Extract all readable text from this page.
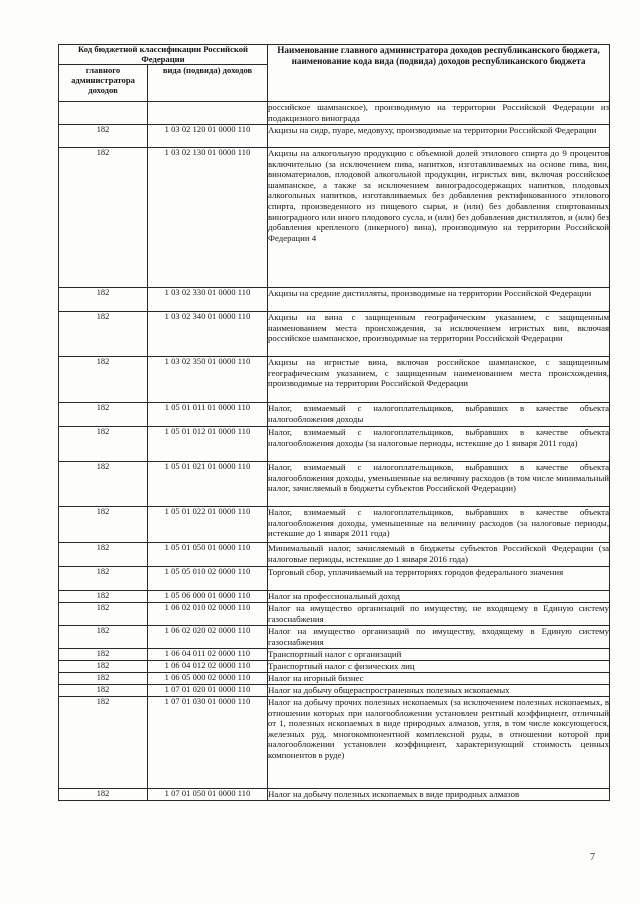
Код бюджетной классификации Российской Федерации		Наименование главного администратора доходов республиканского бюджета, наименование кода вида (подвида) доходов республиканского бюджета
главного администратора доходов	вида (подвида) доходов	
		российское шампанское), производимую на территории Российской Федерации из подакцизного винограда
182	1 03 02 120 01 0000 110	Акцизы на сидр, пуаре, медовуху, производимые на территории Российской Федерации
182	1 03 02 130 01 0000 110	Акцизы на алкогольную продукцию с объемной долей этилового спирта до 9 процентов включительно (за исключением пива, напитков, изготавливаемых на основе пива, вин, виноматериалов, плодовой алкогольной продукции, игристых вин, включая российское шампанское, а также за исключением виноградосодержащих напитков, плодовых алкогольных напитков, изготавливаемых без добавления ректификованного этилового спирта, произведенного из пищевого сырья, и (или) без добавления спиртованных виноградного или иного плодового сусла, и (или) без добавления дистиллятов, и (или) без добавления крепленого (ликерного) вина), производимую на территории Российской Федерации 4
182	1 03 02 330 01 0000 110	Акцизы на средние дистилляты, производимые на территории Российской Федерации
182	1 03 02 340 01 0000 110	Акцизы на вина с защищенным географическим указанием, с защищенным наименованием места происхождения, за исключением игристых вин, включая российское шампанское, производимые на территории Российской Федерации
182	1 03 02 350 01 0000 110	Акцизы на игристые вина, включая российское шампанское, с защищенным географическим указанием, с защищенным наименованием места происхождения, производимые на территории Российской Федерации
182	1 05 01 011 01 0000 110	Налог, взимаемый с налогоплательщиков, выбравших в качестве объекта налогообложения доходы
182	1 05 01 012 01 0000 110	Налог, взимаемый с налогоплательщиков, выбравших в качестве объекта налогообложения доходы (за налоговые периоды, истекшие до 1 января 2011 года)
182	1 05 01 021 01 0000 110	Налог, взимаемый с налогоплательщиков, выбравших в качестве объекта налогообложения доходы, уменьшенные на величину расходов (в том числе минимальный налог, зачисляемый в бюджеты субъектов Российской Федерации)
182	1 05 01 022 01 0000 110	Налог, взимаемый с налогоплательщиков, выбравших в качестве объекта налогообложения доходы, уменьшенные на величину расходов (за налоговые периоды, истекшие до 1 января 2011 года)
182	1 05 01 050 01 0000 110	Минимальный налог, зачисляемый в бюджеты субъектов Российской Федерации (за налоговые периоды, истекшие до 1 января 2016 года)
182	1 05 05 010 02 0000 110	Торговый сбор, уплачиваемый на территориях городов федерального значения
182	1 05 06 000 01 0000 110	Налог на профессиональный доход
182	1 06 02 010 02 0000 110	Налог на имущество организаций по имуществу, не входящему в Единую систему газоснабжения
182	1 06 02 020 02 0000 110	Налог на имущество организаций по имуществу, входящему в Единую систему газоснабжения
182	1 06 04 011 02 0000 110	Транспортный налог с организаций
182	1 06 04 012 02 0000 110	Транспортный налог с физических лиц
182	1 06 05 000 02 0000 110	Налог на игорный бизнес
182	1 07 01 020 01 0000 110	Налог на добычу общераспространенных полезных ископаемых
182	1 07 01 030 01 0000 110	Налог на добычу прочих полезных ископаемых (за исключением полезных ископаемых, в отношении которых при налогообложении установлен рентный коэффициент, отличный от 1, полезных ископаемых в виде природных алмазов, угля, в том числе коксующегося, железных руд, многокомпонентной комплексной руды, в отношении которой при налогообложении установлен коэффициент, характеризующий стоимость ценных компонентов в руде)
182	1 07 01 050 01 0000 110	Налог на добычу полезных ископаемых в виде природных алмазов
7
